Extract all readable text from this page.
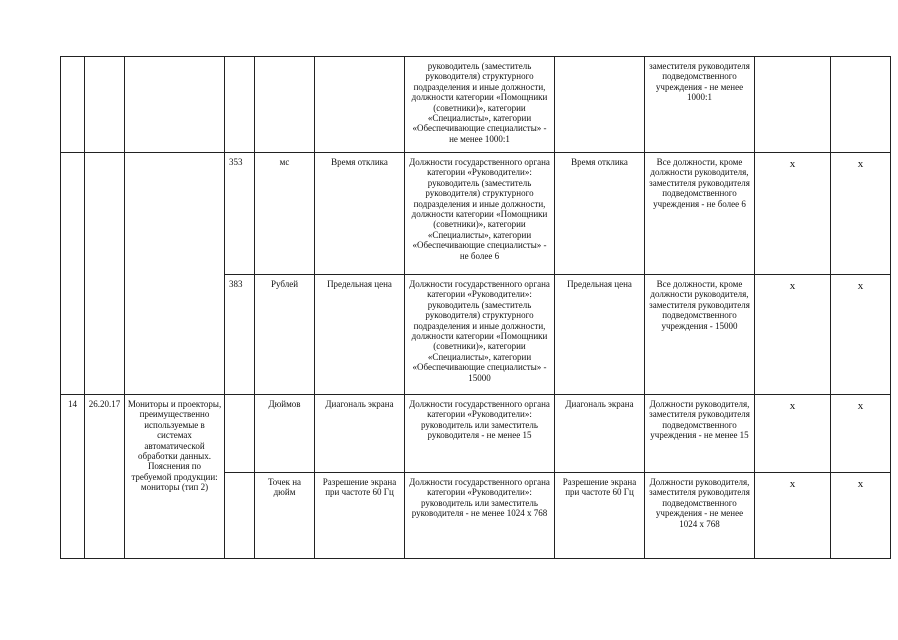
						руководитель (заместитель руководителя) структурного подразделения и иные должности, должности категории «Помощники (советники)», категории «Специалисты», категории «Обеспечивающие специалисты» - не менее 1000:1		заместителя руководителя подведомственного учреждения - не менее 1000:1		
			353	мс	Время отклика	Должности государственного органа категории «Руководители»: руководитель (заместитель руководителя) структурного подразделения и иные должности, должности категории «Помощники (советники)», категории «Специалисты», категории «Обеспечивающие специалисты» - не более 6	Время отклика	Все должности, кроме должности руководителя, заместителя руководителя подведомственного учреждения - не более 6	х	х
			383	Рублей	Предельная цена	Должности государственного органа категории «Руководители»: руководитель (заместитель руководителя) структурного подразделения и иные должности, должности категории «Помощники (советники)», категории «Специалисты», категории «Обеспечивающие специалисты» - 15000	Предельная цена	Все должности, кроме должности руководителя, заместителя руководителя подведомственного учреждения - 15000	х	х
14	26.20.17	Мониторы и проекторы, преимущественно используемые в системах автоматической обработки данных. Пояснения по требуемой продукции: мониторы (тип 2)		Дюймов	Диагональ экрана	Должности государственного органа категории «Руководители»: руководитель или заместитель руководителя - не менее 15	Диагональ экрана	Должности руководителя, заместителя руководителя подведомственного учреждения - не менее 15	х	х
				Точек на дюйм	Разрешение экрана при частоте 60 Гц	Должности государственного органа категории «Руководители»: руководитель или заместитель руководителя - не менее 1024 х 768	Разрешение экрана при частоте 60 Гц	Должности руководителя, заместителя руководителя подведомственного учреждения - не менее 1024 х 768	х	х
